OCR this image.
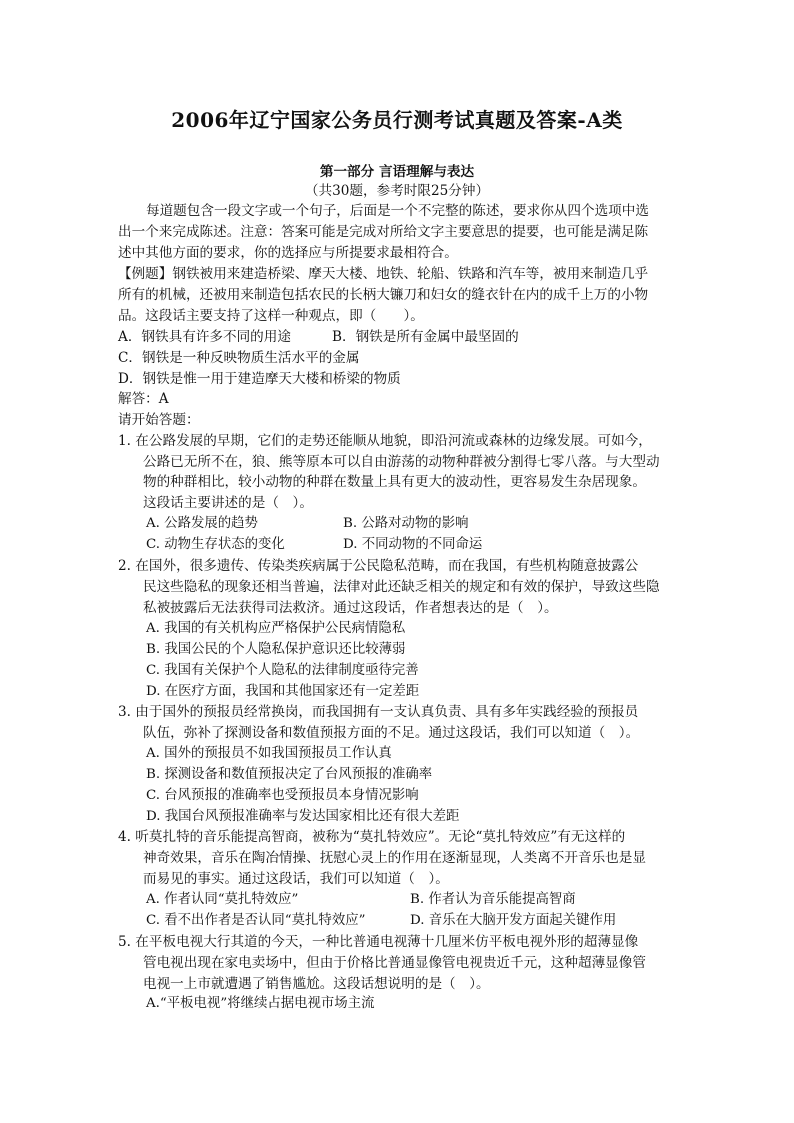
2006年辽宁国家公务员行测考试真题及答案-A类
第一部分 言语理解与表达
（共30题，参考时限25分钟）
每道题包含一段文字或一个句子，后面是一个不完整的陈述，要求你从四个选项中选
出一个来完成陈述。注意：答案可能是完成对所给文字主要意思的提要，也可能是满足陈
述中其他方面的要求，你的选择应与所提要求最相符合。
【例题】钢铁被用来建造桥梁、摩天大楼、地铁、轮船、铁路和汽车等，被用来制造几乎
所有的机械，还被用来制造包括农民的长柄大镰刀和妇女的缝衣针在内的成千上万的小物
品。这段话主要支持了这样一种观点，即（　　）。
A．钢铁具有许多不同的用途	B．钢铁是所有金属中最坚固的
C．钢铁是一种反映物质生活水平的金属
D．钢铁是惟一用于建造摩天大楼和桥梁的物质
解答：A
请开始答题：
1. 在公路发展的早期，它们的走势还能顺从地貌，即沿河流或森林的边缘发展。可如今，
公路已无所不在，狼、熊等原本可以自由游荡的动物种群被分割得七零八落。与大型动
物的种群相比，较小动物的种群在数量上具有更大的波动性，更容易发生杂居现象。
这段话主要讲述的是（　）。
A. 公路发展的趋势	B. 公路对动物的影响
C. 动物生存状态的变化	D. 不同动物的不同命运
2. 在国外，很多遗传、传染类疾病属于公民隐私范畴，而在我国，有些机构随意披露公
民这些隐私的现象还相当普遍，法律对此还缺乏相关的规定和有效的保护，导致这些隐
私被披露后无法获得司法救济。通过这段话，作者想表达的是（　）。
A. 我国的有关机构应严格保护公民病情隐私
B. 我国公民的个人隐私保护意识还比较薄弱
C. 我国有关保护个人隐私的法律制度亟待完善
D. 在医疗方面，我国和其他国家还有一定差距
3. 由于国外的预报员经常换岗，而我国拥有一支认真负责、具有多年实践经验的预报员
队伍，弥补了探测设备和数值预报方面的不足。通过这段话，我们可以知道（　）。
A. 国外的预报员不如我国预报员工作认真
B. 探测设备和数值预报决定了台风预报的准确率
C. 台风预报的准确率也受预报员本身情况影响
D. 我国台风预报准确率与发达国家相比还有很大差距
4. 听莫扎特的音乐能提高智商，被称为“莫扎特效应”。无论“莫扎特效应”有无这样的
神奇效果，音乐在陶冶情操、抚慰心灵上的作用在逐渐显现，人类离不开音乐也是显
而易见的事实。通过这段话，我们可以知道（　）。
A. 作者认同“莫扎特效应”	B. 作者认为音乐能提高智商
C. 看不出作者是否认同“莫扎特效应”	D. 音乐在大脑开发方面起关键作用
5. 在平板电视大行其道的今天，一种比普通电视薄十几厘米仿平板电视外形的超薄显像
管电视出现在家电卖场中，但由于价格比普通显像管电视贵近千元，这种超薄显像管
电视一上市就遭遇了销售尴尬。这段话想说明的是（　）。
A.“平板电视”将继续占据电视市场主流
